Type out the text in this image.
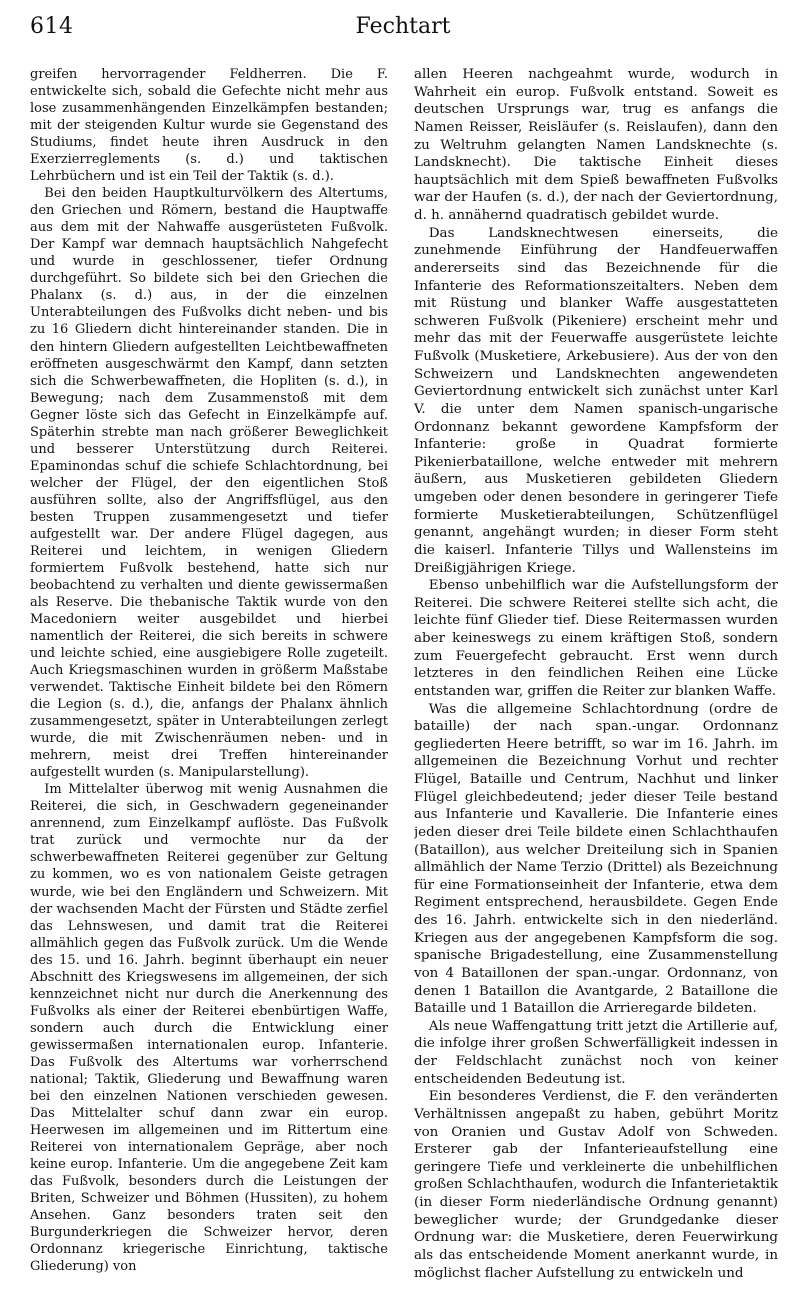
614	Fechtart

greifen hervorragender Feldherren. Die F. entwickelte sich, sobald die Gefechte nicht mehr aus lose zusammenhängenden Einzelkämpfen bestanden; mit der steigenden Kultur wurde sie Gegenstand des Studiums, findet heute ihren Ausdruck in den Exerzierreglements (s. d.) und taktischen Lehrbüchern und ist ein Teil der Taktik (s. d.).

Bei den beiden Hauptkulturvölkern des Altertums, den Griechen und Römern, bestand die Hauptwaffe aus dem mit der Nahwaffe ausgerüsteten Fußvolk. Der Kampf war demnach hauptsächlich Nahgefecht und wurde in geschlossener, tiefer Ordnung durchgeführt. So bildete sich bei den Griechen die Phalanx (s. d.) aus, in der die einzelnen Unterabteilungen des Fußvolks dicht neben- und bis zu 16 Gliedern dicht hintereinander standen. Die in den hintern Gliedern aufgestellten Leichtbewaffneten eröffneten ausgeschwärmt den Kampf, dann setzten sich die Schwerbewaffneten, die Hopliten (s. d.), in Bewegung; nach dem Zusammenstoß mit dem Gegner löste sich das Gefecht in Einzelkämpfe auf. Späterhin strebte man nach größerer Beweglichkeit und besserer Unterstützung durch Reiterei. Epaminondas schuf die schiefe Schlachtordnung, bei welcher der Flügel, der den eigentlichen Stoß ausführen sollte, also der Angriffsflügel, aus den besten Truppen zusammengesetzt und tiefer aufgestellt war. Der andere Flügel dagegen, aus Reiterei und leichtem, in wenigen Gliedern formiertem Fußvolk bestehend, hatte sich nur beobachtend zu verhalten und diente gewissermaßen als Reserve. Die thebanische Taktik wurde von den Macedoniern weiter ausgebildet und hierbei namentlich der Reiterei, die sich bereits in schwere und leichte schied, eine ausgiebigere Rolle zugeteilt. Auch Kriegsmaschinen wurden in größerm Maßstabe verwendet. Taktische Einheit bildete bei den Römern die Legion (s. d.), die, anfangs der Phalanx ähnlich zusammengesetzt, später in Unterabteilungen zerlegt wurde, die mit Zwischenräumen neben- und in mehrern, meist drei Treffen hintereinander aufgestellt wurden (s. Manipularstellung).

Im Mittelalter überwog mit wenig Ausnahmen die Reiterei, die sich, in Geschwadern gegeneinander anrennend, zum Einzelkampf auflöste. Das Fußvolk trat zurück und vermochte nur da der schwerbewaffneten Reiterei gegenüber zur Geltung zu kommen, wo es von nationalem Geiste getragen wurde, wie bei den Engländern und Schweizern. Mit der wachsenden Macht der Fürsten und Städte zerfiel das Lehnswesen, und damit trat die Reiterei allmählich gegen das Fußvolk zurück. Um die Wende des 15. und 16. Jahrh. beginnt überhaupt ein neuer Abschnitt des Kriegswesens im allgemeinen, der sich kennzeichnet nicht nur durch die Anerkennung des Fußvolks als einer der Reiterei ebenbürtigen Waffe, sondern auch durch die Entwicklung einer gewissermaßen internationalen europ. Infanterie. Das Fußvolk des Altertums war vorherrschend national; Taktik, Gliederung und Bewaffnung waren bei den einzelnen Nationen verschieden gewesen. Das Mittelalter schuf dann zwar ein europ. Heerwesen im allgemeinen und im Rittertum eine Reiterei von internationalem Gepräge, aber noch keine europ. Infanterie. Um die angegebene Zeit kam das Fußvolk, besonders durch die Leistungen der Briten, Schweizer und Böhmen (Hussiten), zu hohem Ansehen. Ganz besonders traten seit den Burgunderkriegen die Schweizer hervor, deren Ordonnanz kriegerische Einrichtung, taktische Gliederung) von

allen Heeren nachgeahmt wurde, wodurch in Wahrheit ein europ. Fußvolk entstand. Soweit es deutschen Ursprungs war, trug es anfangs die Namen Reisser, Reisläufer (s. Reislaufen), dann den zu Weltruhm gelangten Namen Landsknechte (s. Landsknecht). Die taktische Einheit dieses hauptsächlich mit dem Spieß bewaffneten Fußvolks war der Haufen (s. d.), der nach der Geviertordnung, d. h. annähernd quadratisch gebildet wurde.

Das Landsknechtwesen einerseits, die zunehmende Einführung der Handfeuerwaffen andererseits sind das Bezeichnende für die Infanterie des Reformationszeitalters. Neben dem mit Rüstung und blanker Waffe ausgestatteten schweren Fußvolk (Pikeniere) erscheint mehr und mehr das mit der Feuerwaffe ausgerüstete leichte Fußvolk (Musketiere, Arkebusiere). Aus der von den Schweizern und Landsknechten angewendeten Geviertordnung entwickelt sich zunächst unter Karl V. die unter dem Namen spanisch-ungarische Ordonnanz bekannt gewordene Kampfsform der Infanterie: große in Quadrat formierte Pikenierbataillone, welche entweder mit mehrern äußern, aus Musketieren gebildeten Gliedern umgeben oder denen besondere in geringerer Tiefe formierte Musketierabteilungen, Schützenflügel genannt, angehängt wurden; in dieser Form steht die kaiserl. Infanterie Tillys und Wallensteins im Dreißigjährigen Kriege.

Ebenso unbehilflich war die Aufstellungsform der Reiterei. Die schwere Reiterei stellte sich acht, die leichte fünf Glieder tief. Diese Reitermassen wurden aber keineswegs zu einem kräftigen Stoß, sondern zum Feuergefecht gebraucht. Erst wenn durch letzteres in den feindlichen Reihen eine Lücke entstanden war, griffen die Reiter zur blanken Waffe.

Was die allgemeine Schlachtordnung (ordre de bataille) der nach span.-ungar. Ordonnanz gegliederten Heere betrifft, so war im 16. Jahrh. im allgemeinen die Bezeichnung Vorhut und rechter Flügel, Bataille und Centrum, Nachhut und linker Flügel gleichbedeutend; jeder dieser Teile bestand aus Infanterie und Kavallerie. Die Infanterie eines jeden dieser drei Teile bildete einen Schlachthaufen (Bataillon), aus welcher Dreiteilung sich in Spanien allmählich der Name Terzio (Drittel) als Bezeichnung für eine Formationseinheit der Infanterie, etwa dem Regiment entsprechend, herausbildete. Gegen Ende des 16. Jahrh. entwickelte sich in den niederländ. Kriegen aus der angegebenen Kampfsform die sog. spanische Brigadestellung, eine Zusammenstellung von 4 Bataillonen der span.-ungar. Ordonnanz, von denen 1 Bataillon die Avantgarde, 2 Bataillone die Bataille und 1 Bataillon die Arrieregarde bildeten.

Als neue Waffengattung tritt jetzt die Artillerie auf, die infolge ihrer großen Schwerfälligkeit indessen in der Feldschlacht zunächst noch von keiner entscheidenden Bedeutung ist.

Ein besonderes Verdienst, die F. den veränderten Verhältnissen angepaßt zu haben, gebührt Moritz von Oranien und Gustav Adolf von Schweden. Ersterer gab der Infanterieaufstellung eine geringere Tiefe und verkleinerte die unbehilflichen großen Schlachthaufen, wodurch die Infanterietaktik (in dieser Form niederländische Ordnung genannt) beweglicher wurde; der Grundgedanke dieser Ordnung war: die Musketiere, deren Feuerwirkung als das entscheidende Moment anerkannt wurde, in möglichst flacher Aufstellung zu entwickeln und
